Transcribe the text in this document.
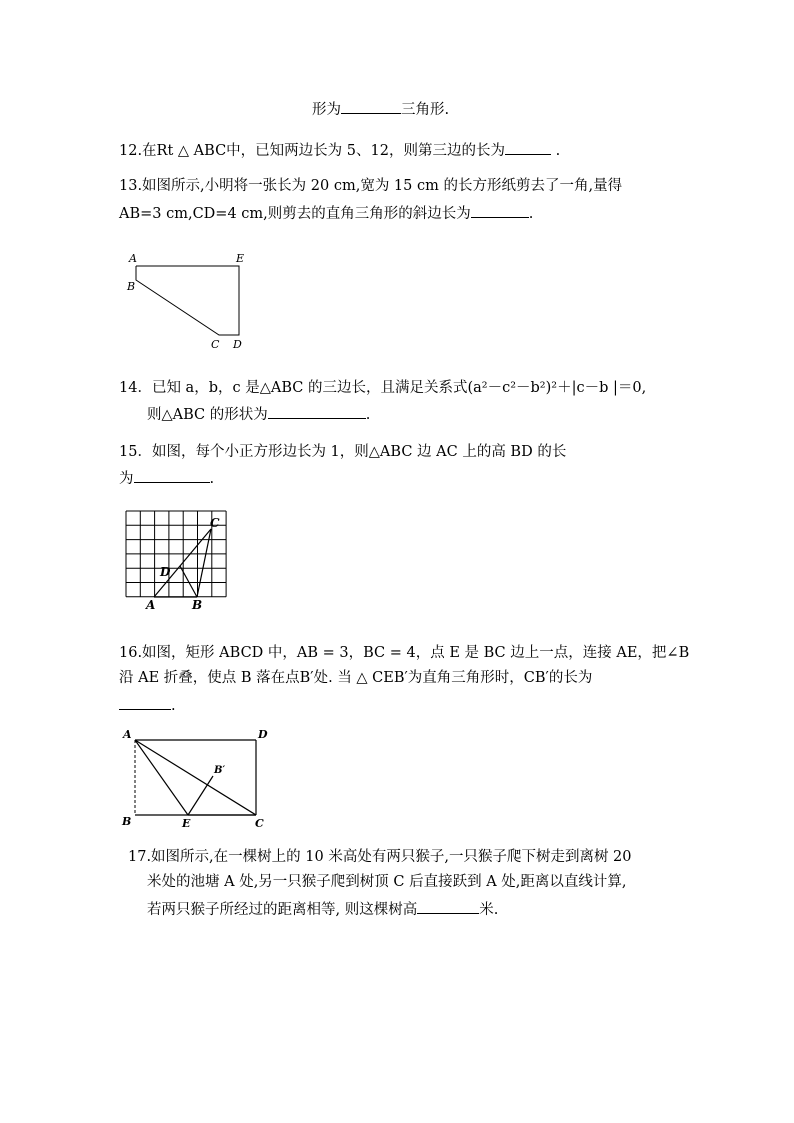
形为	三角形.
12.在Rt △ ABC中，已知两边长为 5、12，则第三边的长为	.
13.如图所示,小明将一张长为 20 cm,宽为 15 cm 的长方形纸剪去了一角,量得
AB=3 cm,CD=4 cm,则剪去的直角三角形的斜边长为	.
A	E
B
C D
14．已知 a，b，c 是△ABC 的三边长，且满足关系式(a²－c²－b²)²＋|c－b |＝0,
则△ABC 的形状为	.
15．如图，每个小正方形边长为 1，则△ABC 边 AC 上的高 BD 的长
为	.
A	B
C
D
16.如图，矩形 ABCD 中，AB = 3，BC = 4，点 E 是 BC 边上一点，连接 AE，把∠B
沿 AE 折叠，使点 B 落在点B′处. 当 △ CEB′为直角三角形时，CB′的长为
.
A	D
B	E	C
B′
17.如图所示,在一棵树上的 10 米高处有两只猴子,一只猴子爬下树走到离树 20
米处的池塘 A 处,另一只猴子爬到树顶 C 后直接跃到 A 处,距离以直线计算,
若两只猴子所经过的距离相等, 则这棵树高	米.
